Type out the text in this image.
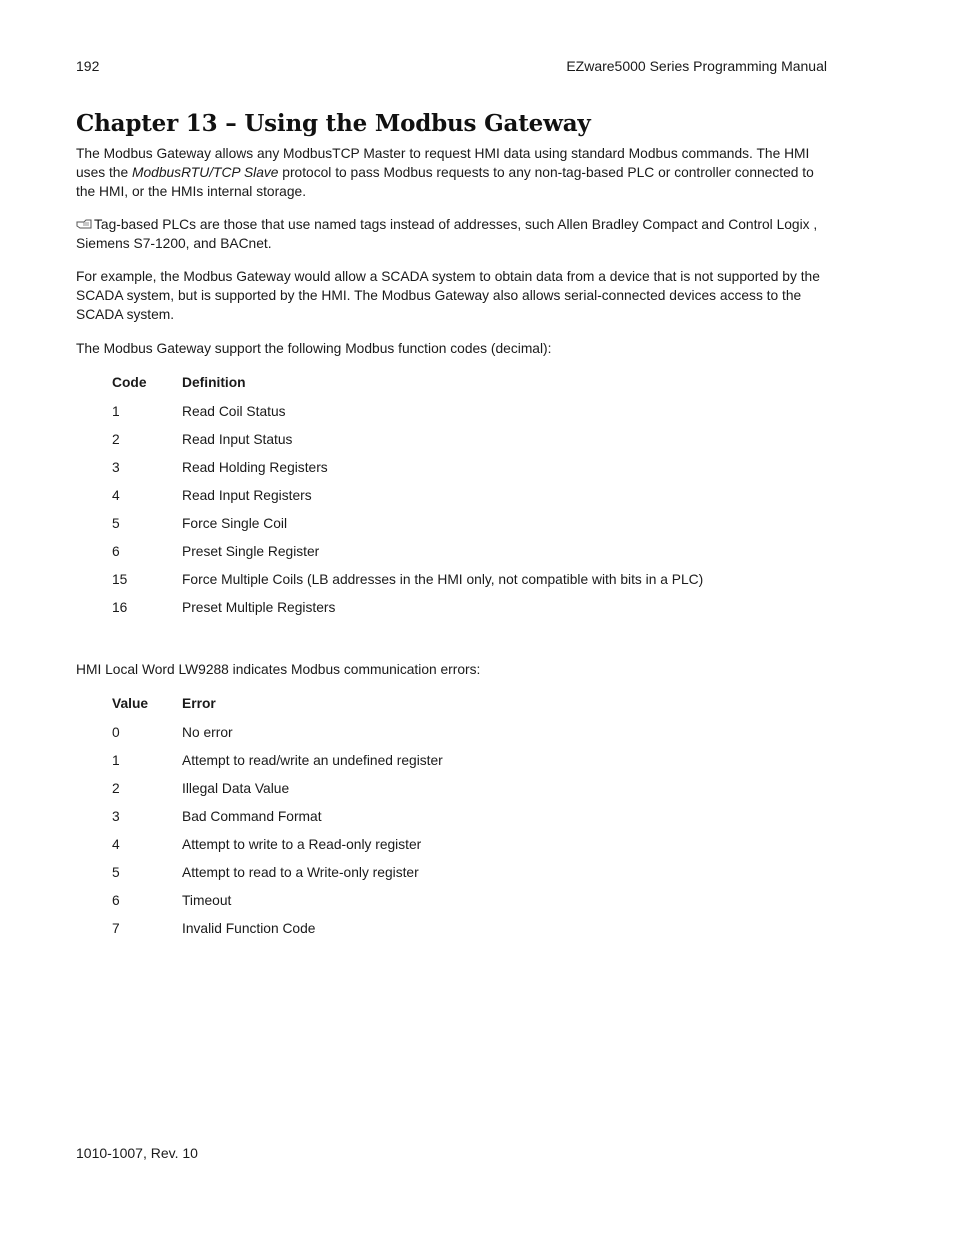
192	EZware5000 Series Programming Manual
Chapter 13 – Using the Modbus Gateway

The Modbus Gateway allows any ModbusTCP Master to request HMI data using standard Modbus commands. The HMI uses the ModbusRTU/TCP Slave protocol to pass Modbus requests to any non-tag-based PLC or controller connected to the HMI, or the HMIs internal storage.

Tag-based PLCs are those that use named tags instead of addresses, such Allen Bradley Compact and Control Logix , Siemens S7-1200, and BACnet.

For example, the Modbus Gateway would allow a SCADA system to obtain data from a device that is not supported by the SCADA system, but is supported by the HMI. The Modbus Gateway also allows serial-connected devices access to the SCADA system.

The Modbus Gateway support the following Modbus function codes (decimal):

Code	Definition
1	Read Coil Status
2	Read Input Status
3	Read Holding Registers
4	Read Input Registers
5	Force Single Coil
6	Preset Single Register
15	Force Multiple Coils (LB addresses in the HMI only, not compatible with bits in a PLC)
16	Preset Multiple Registers

HMI Local Word LW9288 indicates Modbus communication errors:

Value	Error
0	No error
1	Attempt to read/write an undefined register
2	Illegal Data Value
3	Bad Command Format
4	Attempt to write to a Read-only register
5	Attempt to read to a Write-only register
6	Timeout
7	Invalid Function Code
1010-1007, Rev. 10
